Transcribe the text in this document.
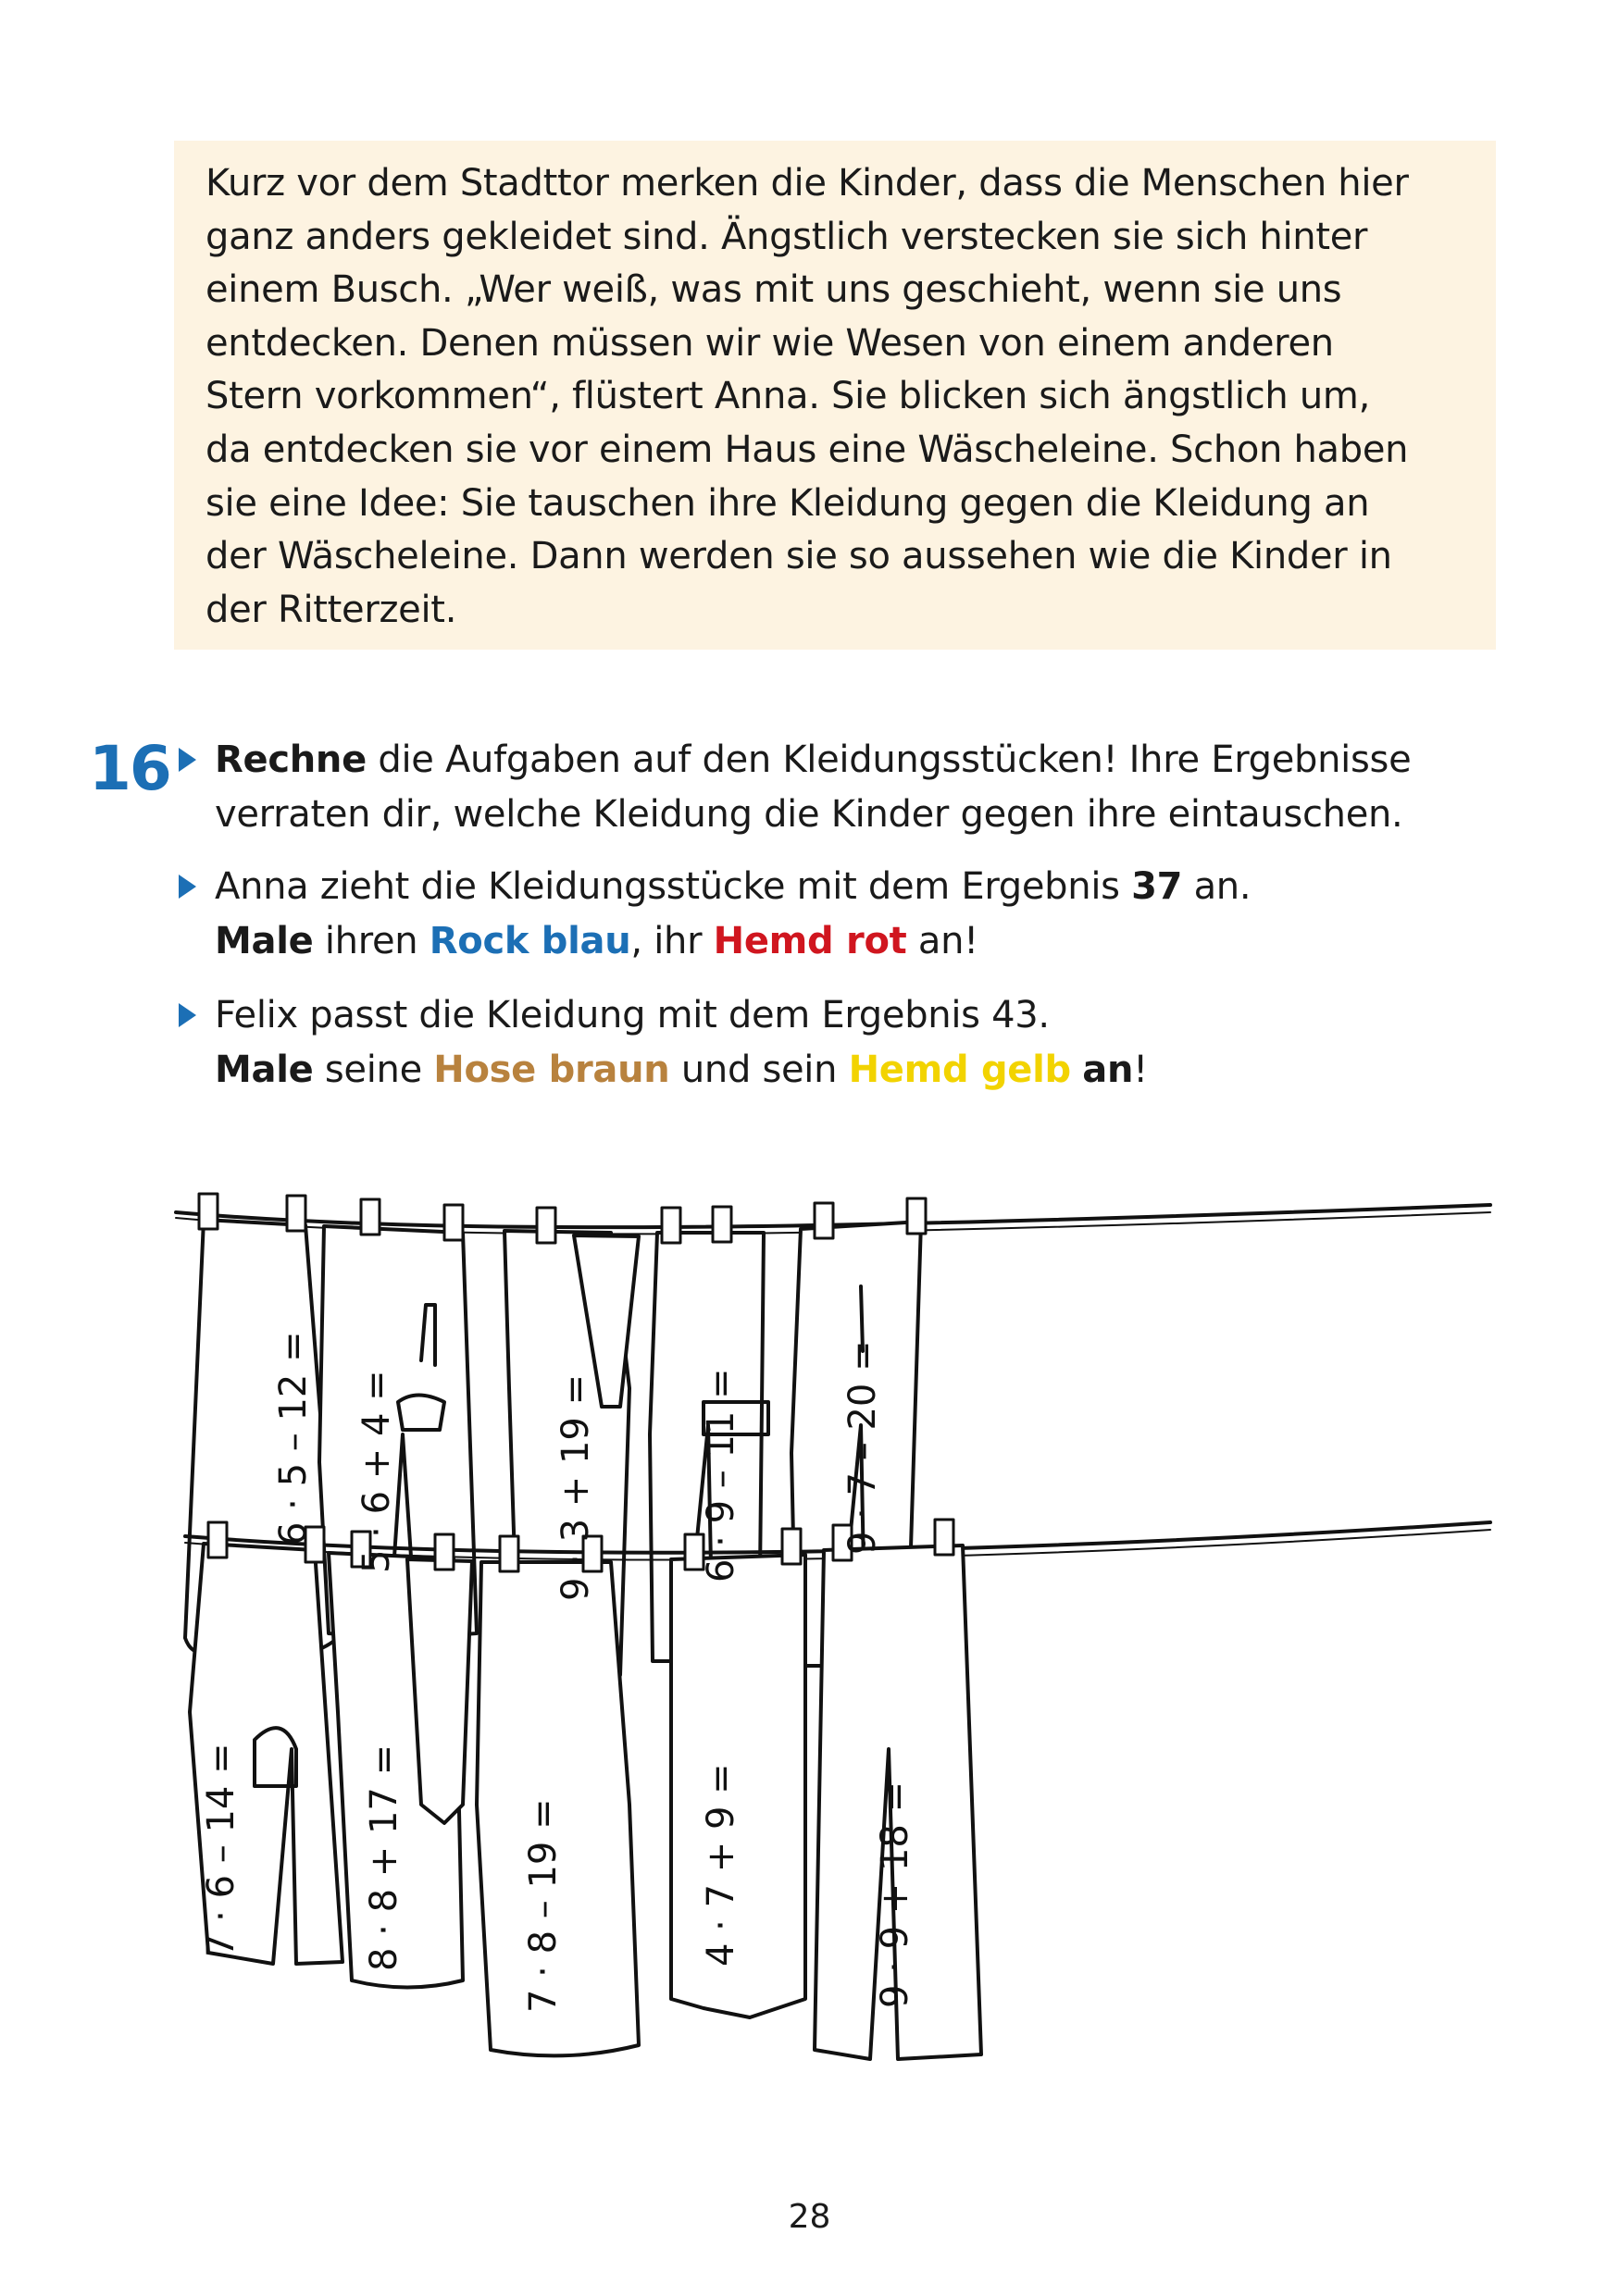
Kurz vor dem Stadttor merken die Kinder, dass die Menschen hier

ganz anders gekleidet sind. Ängstlich verstecken sie sich hinter

einem Busch. „Wer weiß, was mit uns geschieht, wenn sie uns

entdecken. Denen müssen wir wie Wesen von einem anderen

Stern vorkommen“, flüstert Anna. Sie blicken sich ängstlich um,

da entdecken sie vor einem Haus eine Wäscheleine. Schon haben

sie eine Idee: Sie tauschen ihre Kleidung gegen die Kleidung an

der Wäscheleine. Dann werden sie so aussehen wie die Kinder in

der Ritterzeit.

16	Rechne die Aufgaben auf den Kleidungsstücken! Ihre Ergebnisse
verraten dir, welche Kleidung die Kinder gegen ihre eintauschen.
Anna zieht die Kleidungsstücke mit dem Ergebnis 37 an.
Male ihren Rock blau, ihr Hemd rot an!
Felix passt die Kleidung mit dem Ergebnis 43.
Male seine Hose braun und sein Hemd gelb an!
6 · 5 – 12 = 5 · 6 + 4 =	9 · 3 + 19 =	6 · 9 – 11 =	9 · 7 – 20 =
7 · 6 – 14 =	8 · 8 + 17 =	7 · 8 – 19 =	4 · 7 + 9 =	9 · 9 + 18 =
28
